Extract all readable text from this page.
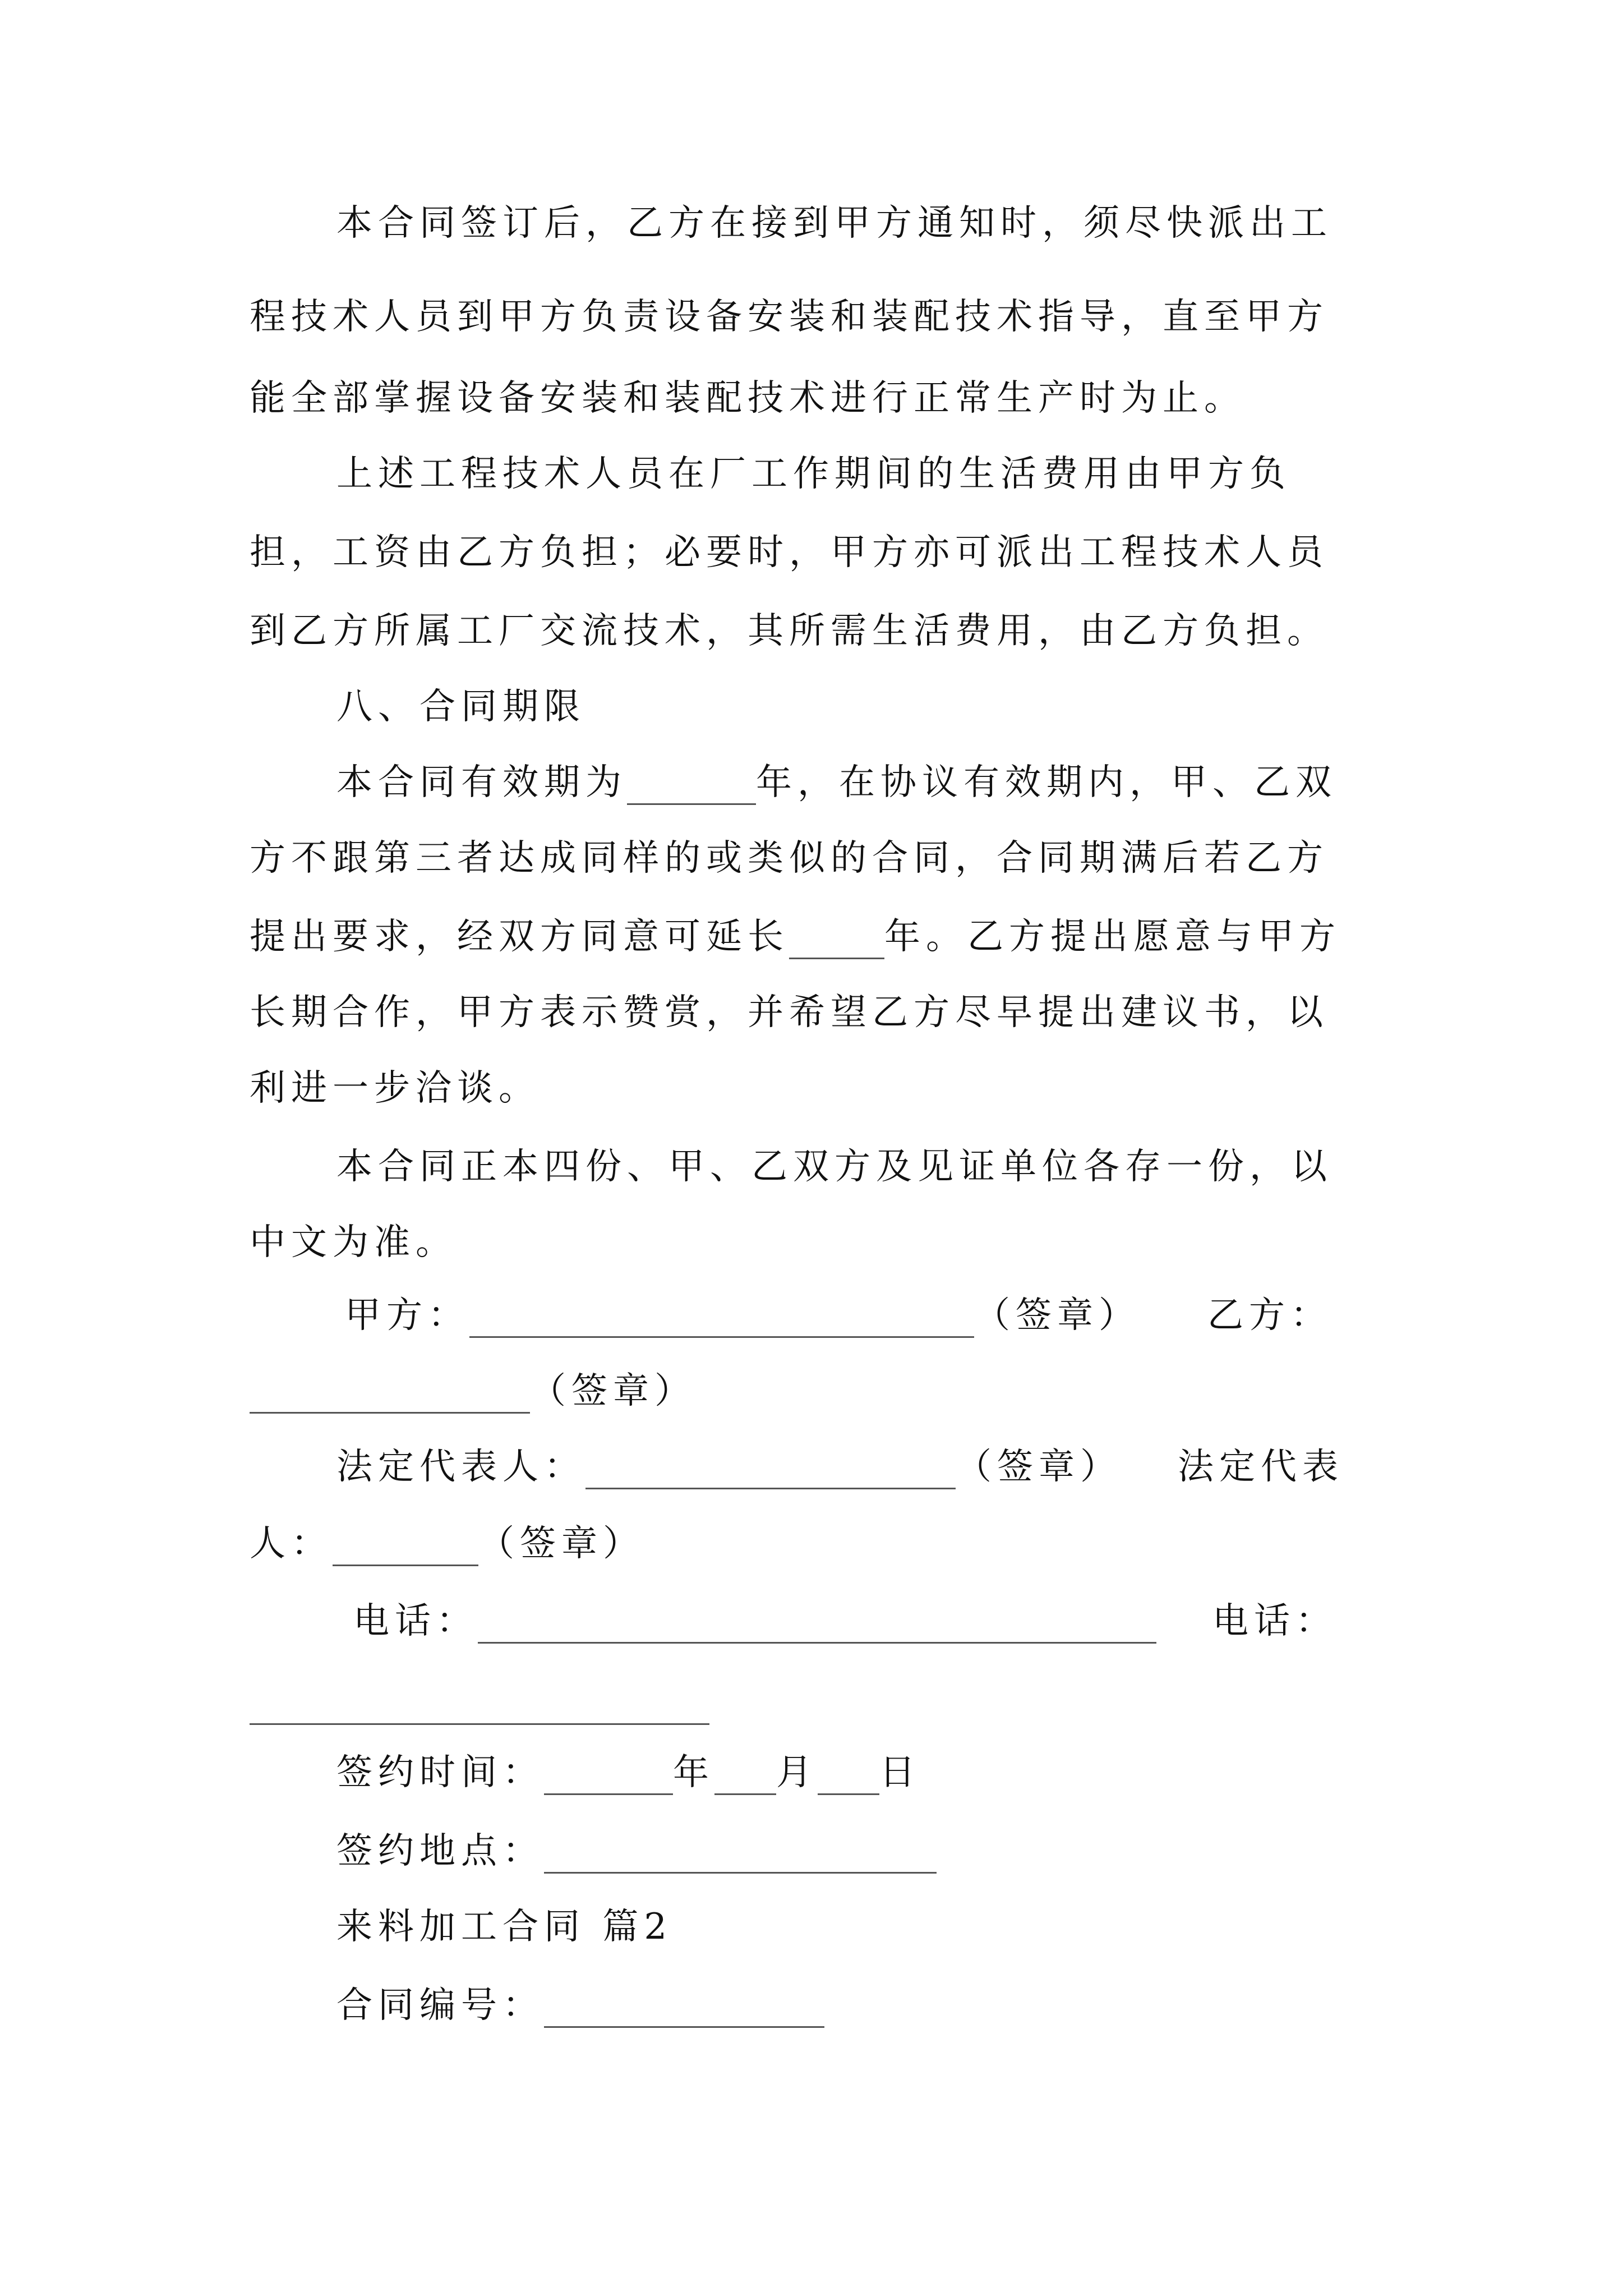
本合同签订后，乙方在接到甲方通知时，须尽快派出工
程技术人员到甲方负责设备安装和装配技术指导，直至甲方
能全部掌握设备安装和装配技术进行正常生产时为止。
上述工程技术人员在厂工作期间的生活费用由甲方负
担，工资由乙方负担；必要时，甲方亦可派出工程技术人员
到乙方所属工厂交流技术，其所需生活费用，由乙方负担。
八、合同期限
本合同有效期为	年，在协议有效期内，甲、乙双
方不跟第三者达成同样的或类似的合同，合同期满后若乙方
提出要求，经双方同意可延长	年。乙方提出愿意与甲方
长期合作，甲方表示赞赏，并希望乙方尽早提出建议书，以
利进一步洽谈。
本合同正本四份、甲、乙双方及见证单位各存一份，以
中文为准。
甲方：	（签章） 乙方：
（签章）
法定代表人：	（签章） 法定代表
人：	（签章）
电话：	电话：
签约时间：	年 月 日
签约地点：
来料加工合同 篇2
合同编号：
